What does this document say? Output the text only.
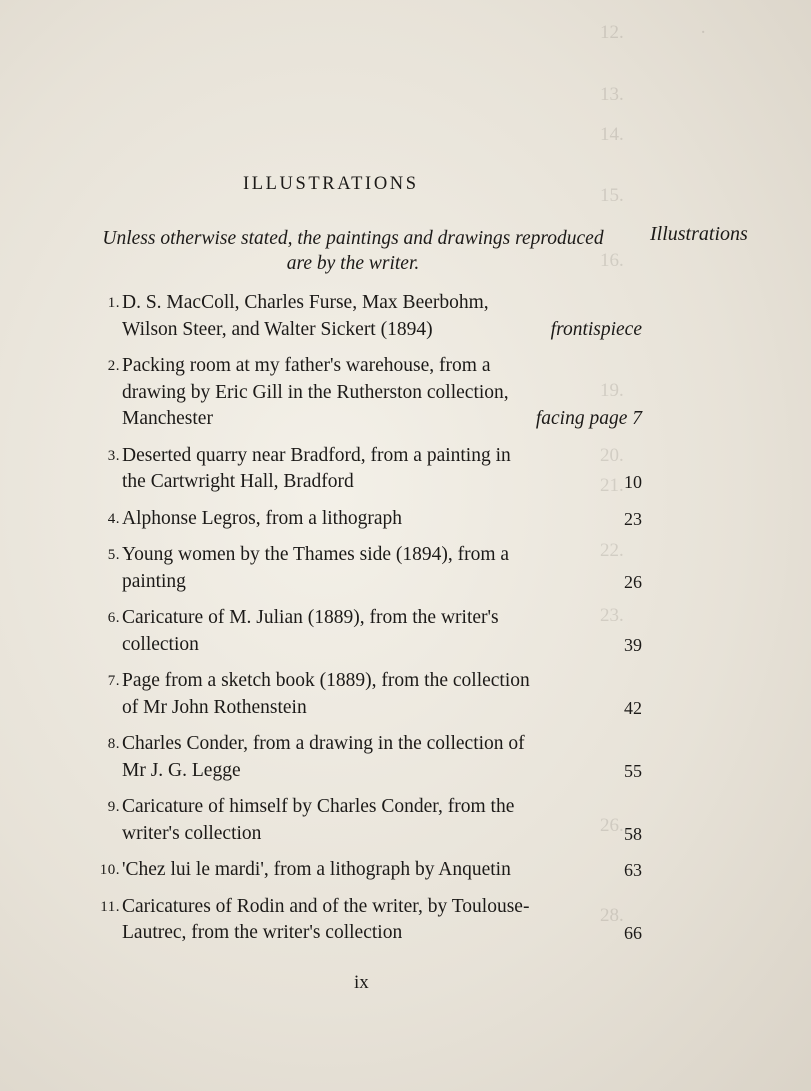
12.	·
13.
14.
15.
16.
19.
20.
21.
22.
23.
26.
28.
ILLUSTRATIONS

Unless otherwise stated, the paintings and drawings reproduced are by the writer.

Illustrations

1. D. S. MacColl, Charles Furse, Max Beerbohm, Wilson Steer, and Walter Sickert (1894)	frontispiece
2. Packing room at my father's warehouse, from a drawing by Eric Gill in the Rutherston collection, Manchester	facing page 7
3. Deserted quarry near Bradford, from a painting in the Cartwright Hall, Bradford	10
4. Alphonse Legros, from a lithograph	23
5. Young women by the Thames side (1894), from a painting	26
6. Caricature of M. Julian (1889), from the writer's collection	39
7. Page from a sketch book (1889), from the collection of Mr John Rothenstein	42
8. Charles Conder, from a drawing in the collection of Mr J. G. Legge	55
9. Caricature of himself by Charles Conder, from the writer's collection	58
10. 'Chez lui le mardi', from a lithograph by Anquetin	63
11. Caricatures of Rodin and of the writer, by Toulouse-Lautrec, from the writer's collection	66

ix
